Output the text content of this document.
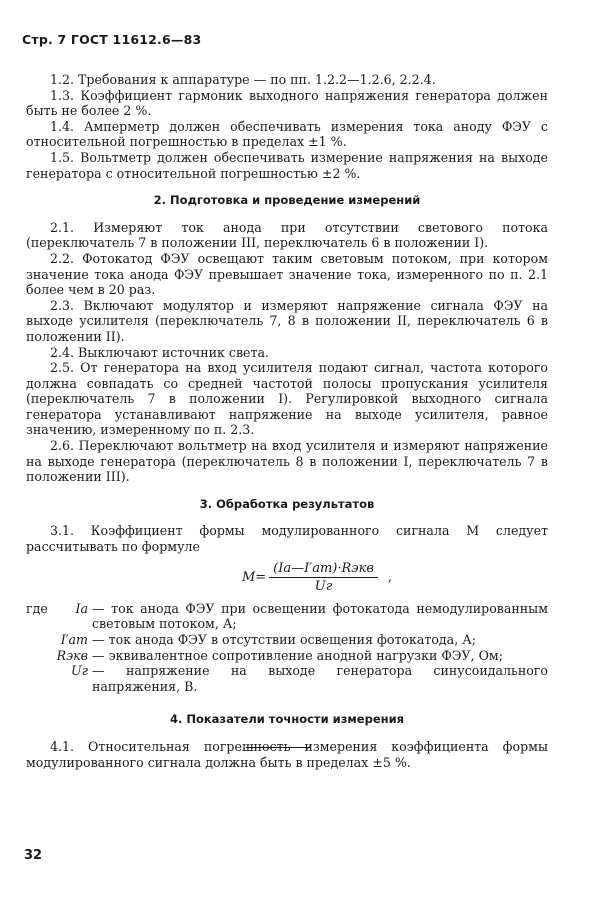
Стр. 7 ГОСТ 11612.6—83

1.2. Требования к аппаратуре — по пп. 1.2.2—1.2.6, 2.2.4.

1.3. Коэффициент гармоник выходного напряжения генератора должен быть не более 2 %.

1.4. Амперметр должен обеспечивать измерения тока аноду ФЭУ с относительной погрешностью в пределах ±1 %.

1.5. Вольтметр должен обеспечивать измерение напряжения на выходе генератора с относительной погрешностью ±2 %.

2. Подготовка и проведение измерений

2.1. Измеряют ток анода при отсутствии светового потока (переключатель 7 в положении III, переключатель 6 в положении I).

2.2. Фотокатод ФЭУ освещают таким световым потоком, при котором значение тока анода ФЭУ превышает значение тока, измеренного по п. 2.1 более чем в 20 раз.

2.3. Включают модулятор и измеряют напряжение сигнала ФЭУ на выходе усилителя (переключатель 7, 8 в положении II, переключатель 6 в положении II).

2.4. Выключают источник света.

2.5. От генератора на вход усилителя подают сигнал, частота которого должна совпадать со средней частотой полосы пропускания усилителя (переключатель 7 в положении I). Регулировкой выходного сигнала генератора устанавливают напряжение на выходе усилителя, равное значению, измеренному по п. 2.3.

2.6. Переключают вольтметр на вход усилителя и измеряют напряжение на выходе генератора (переключатель 8 в положении I, переключатель 7 в положении III).

3. Обработка результатов

3.1. Коэффициент формы модулированного сигнала M следует рассчитывать по формуле

$M= \frac{\text{(Iа—I′ат)·Rэкв}}{Uг}$ ,
где	Iа — ток анода ФЭУ при освещении фотокатода немодулированным световым потоком, А;
I′ат — ток анода ФЭУ в отсутствии освещения фотокатода, А;
Rэкв — эквивалентное сопротивление анодной нагрузки ФЭУ, Ом;
Uг — напряжение на выходе генератора синусоидального напряжения, В.
4. Показатели точности измерения

4.1. Относительная погрешность измерения коэффициента формы модулированного сигнала должна быть в пределах ±5 %.

32
